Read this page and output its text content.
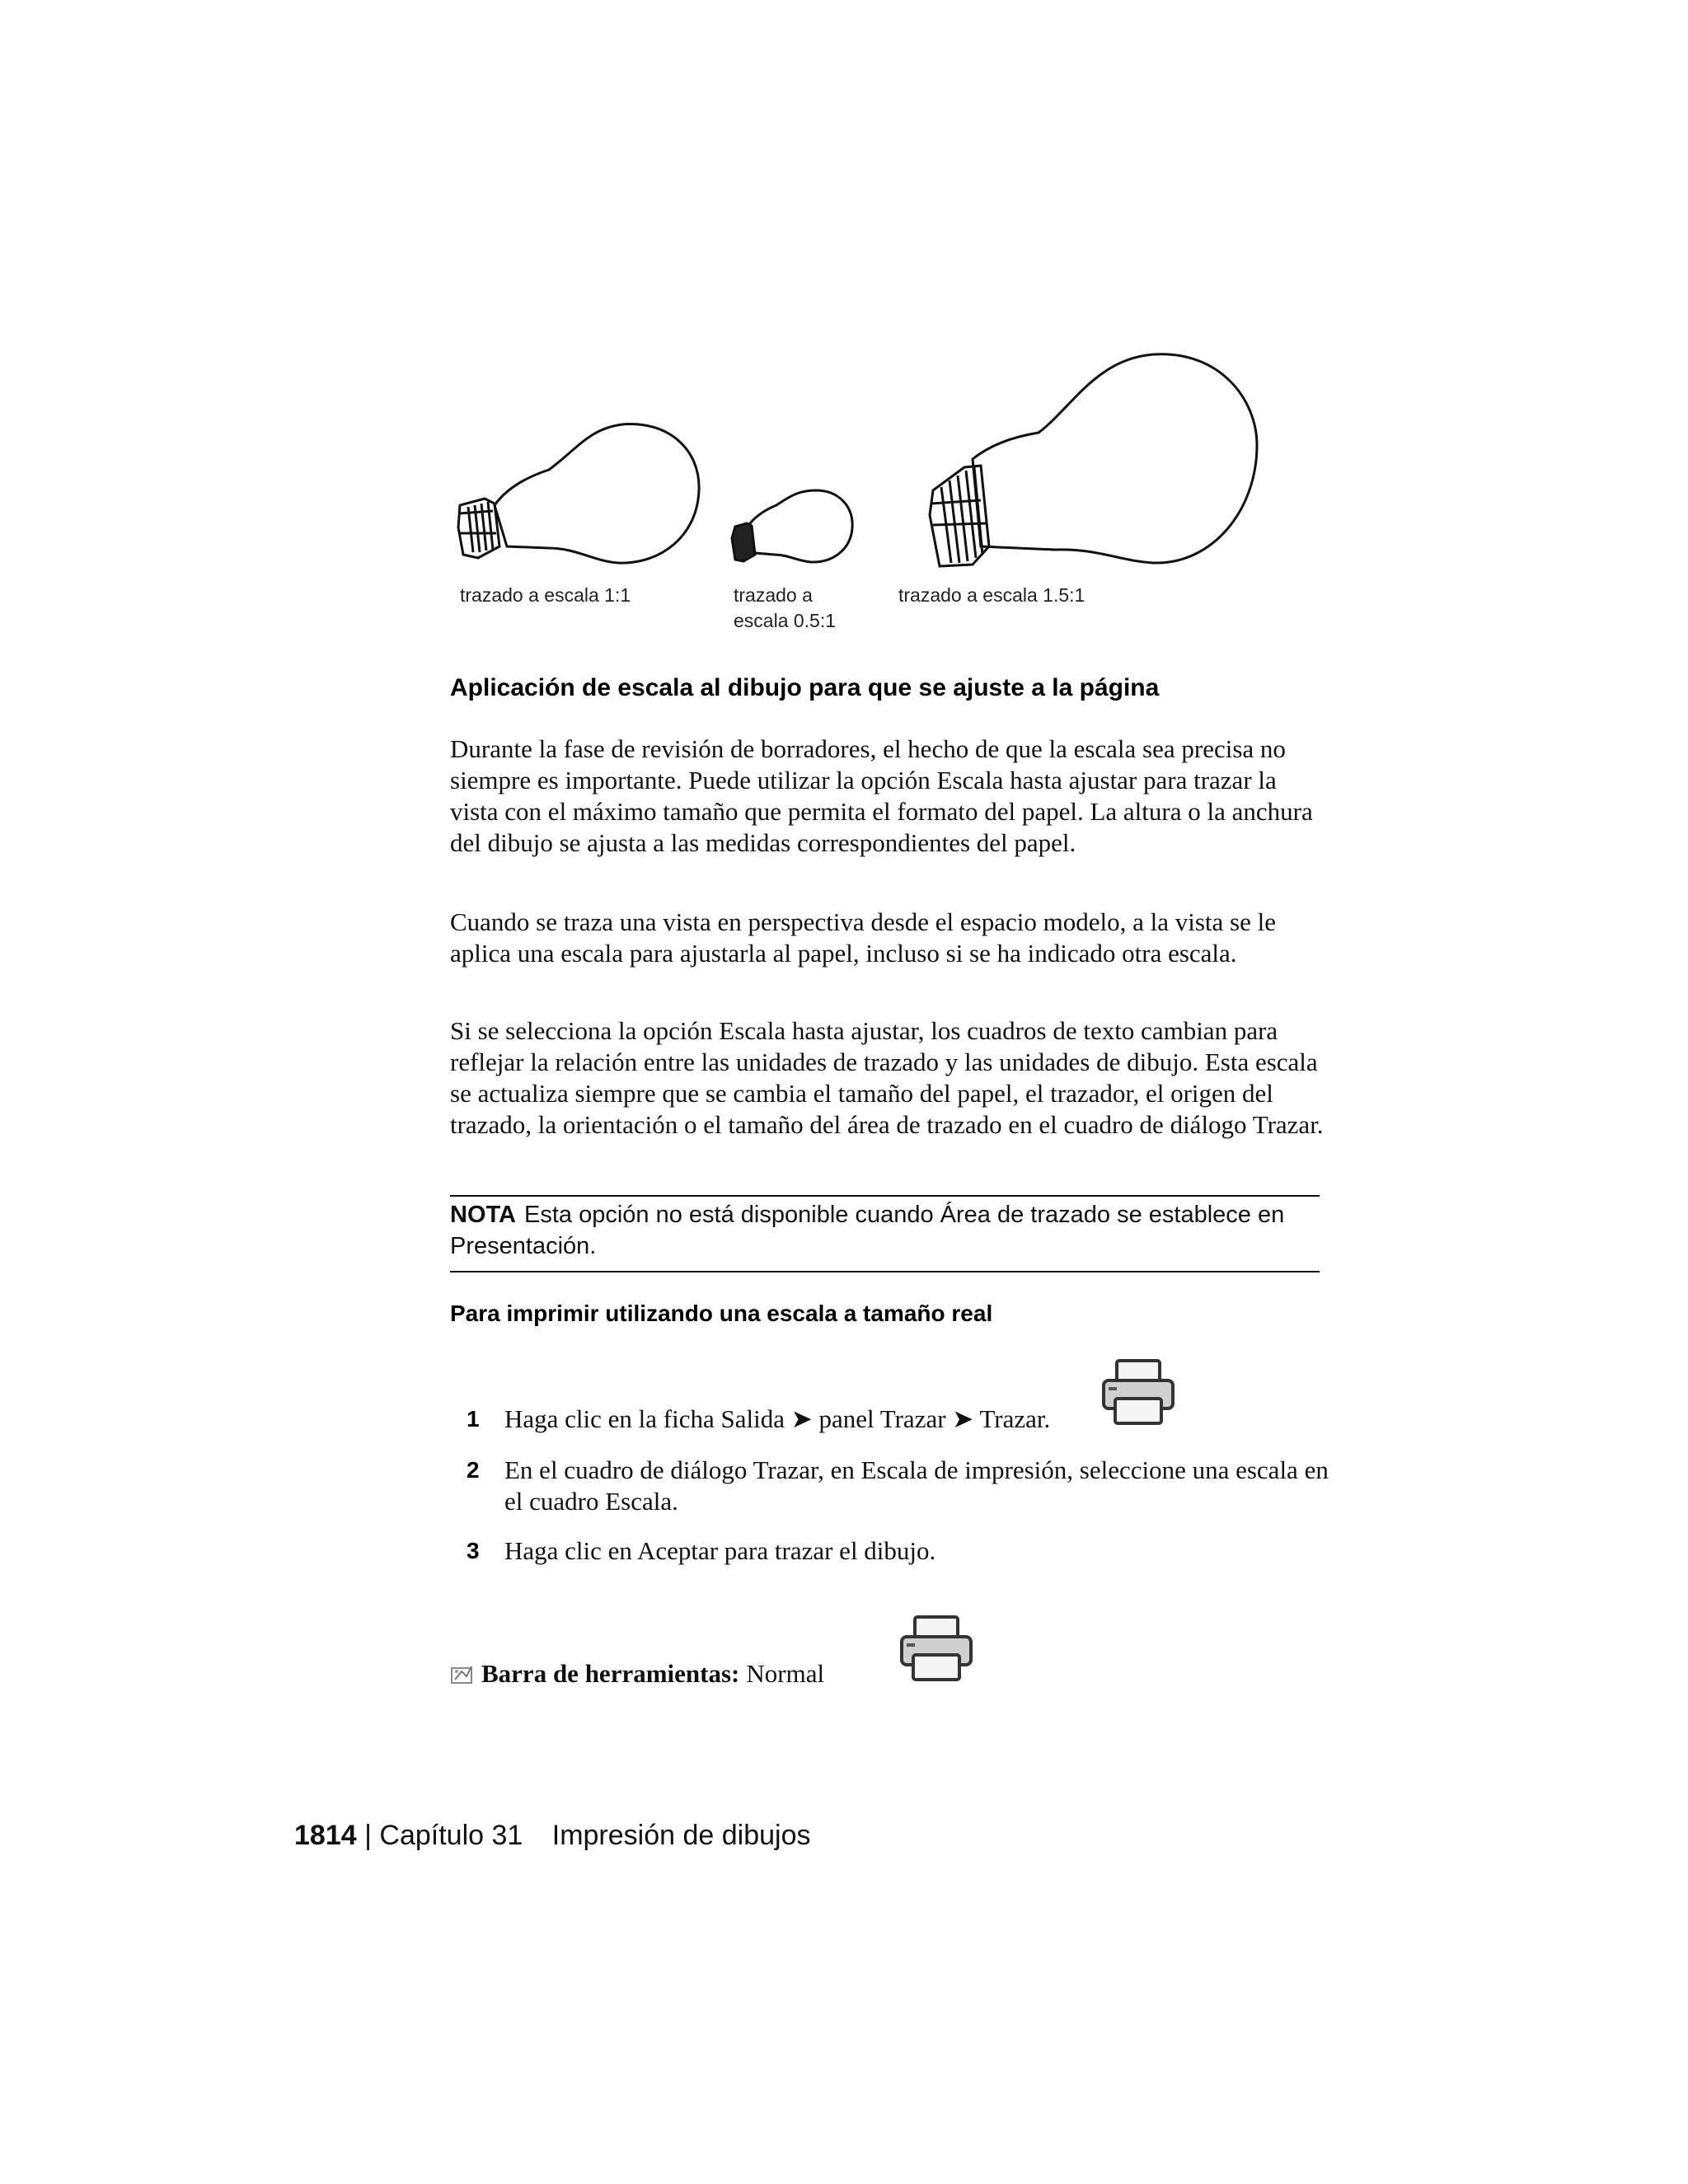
trazado a escala 1:1	trazado a
escala 0.5:1
trazado a escala 1.5:1
Aplicación de escala al dibujo para que se ajuste a la página
Durante la fase de revisión de borradores, el hecho de que la escala sea precisa no siempre es importante. Puede utilizar la opción Escala hasta ajustar para trazar la vista con el máximo tamaño que permita el formato del papel. La altura o la anchura del dibujo se ajusta a las medidas correspondientes del papel.
Cuando se traza una vista en perspectiva desde el espacio modelo, a la vista se le aplica una escala para ajustarla al papel, incluso si se ha indicado otra escala.
Si se selecciona la opción Escala hasta ajustar, los cuadros de texto cambian para reflejar la relación entre las unidades de trazado y las unidades de dibujo. Esta escala se actualiza siempre que se cambia el tamaño del papel, el trazador, el origen del trazado, la orientación o el tamaño del área de trazado en el cuadro de diálogo Trazar.
NOTA Esta opción no está disponible cuando Área de trazado se establece en Presentación.
Para imprimir utilizando una escala a tamaño real
1 Haga clic en la ficha Salida ➤ panel Trazar ➤ Trazar.
2 En el cuadro de diálogo Trazar, en Escala de impresión, seleccione una escala en el cuadro Escala.
3 Haga clic en Aceptar para trazar el dibujo.
Barra de herramientas: Normal
1814 | Capítulo 31 Impresión de dibujos
